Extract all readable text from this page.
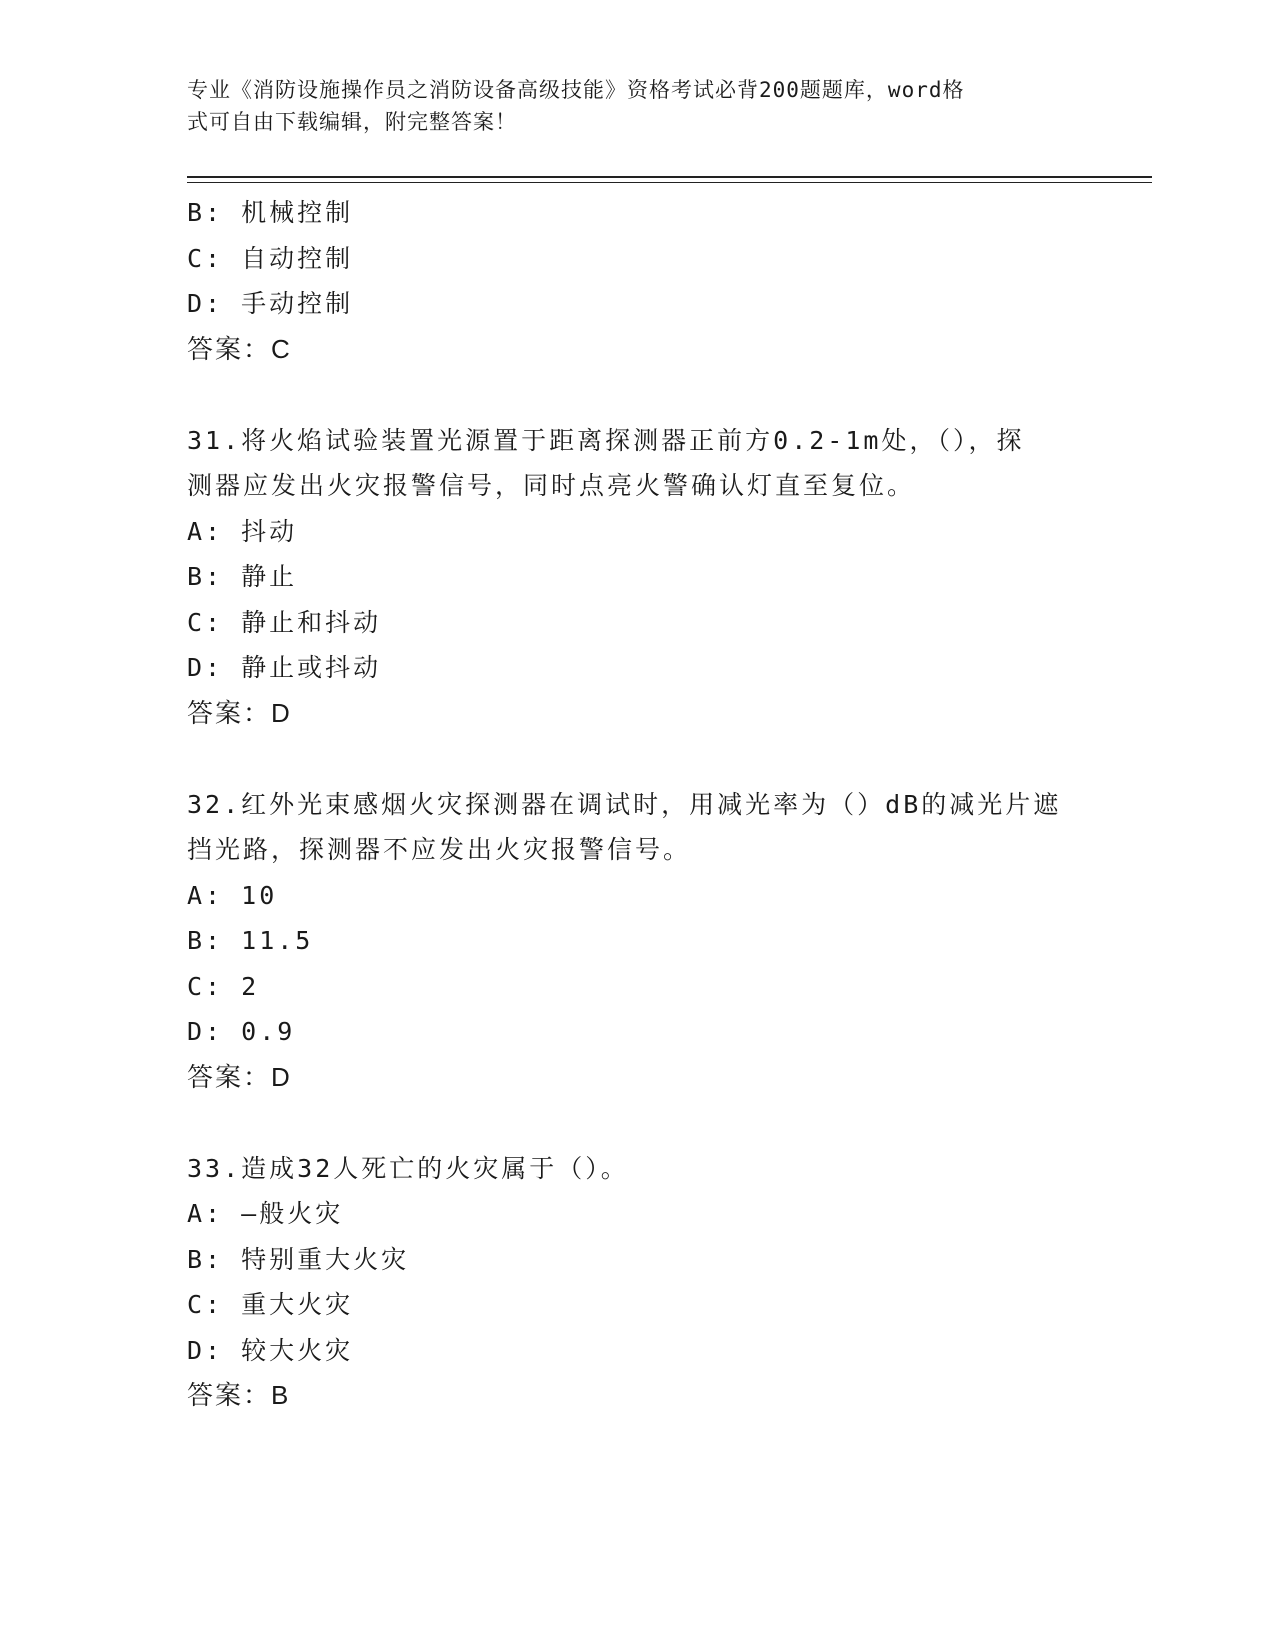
专业《消防设施操作员之消防设备高级技能》资格考试必背200题题库，word格
式可自由下载编辑，附完整答案！
B: 机械控制
C: 自动控制
D: 手动控制
答案：C
31.将火焰试验装置光源置于距离探测器正前方0.2-1m处，（），探
测器应发出火灾报警信号，同时点亮火警确认灯直至复位。
A: 抖动
B: 静止
C: 静止和抖动
D: 静止或抖动
答案：D
32.红外光束感烟火灾探测器在调试时，用减光率为（）dB的减光片遮
挡光路，探测器不应发出火灾报警信号。
A: 10
B: 11.5
C: 2
D: 0.9
答案：D
33.造成32人死亡的火灾属于（）。
A: —般火灾
B: 特别重大火灾
C: 重大火灾
D: 较大火灾
答案：B
